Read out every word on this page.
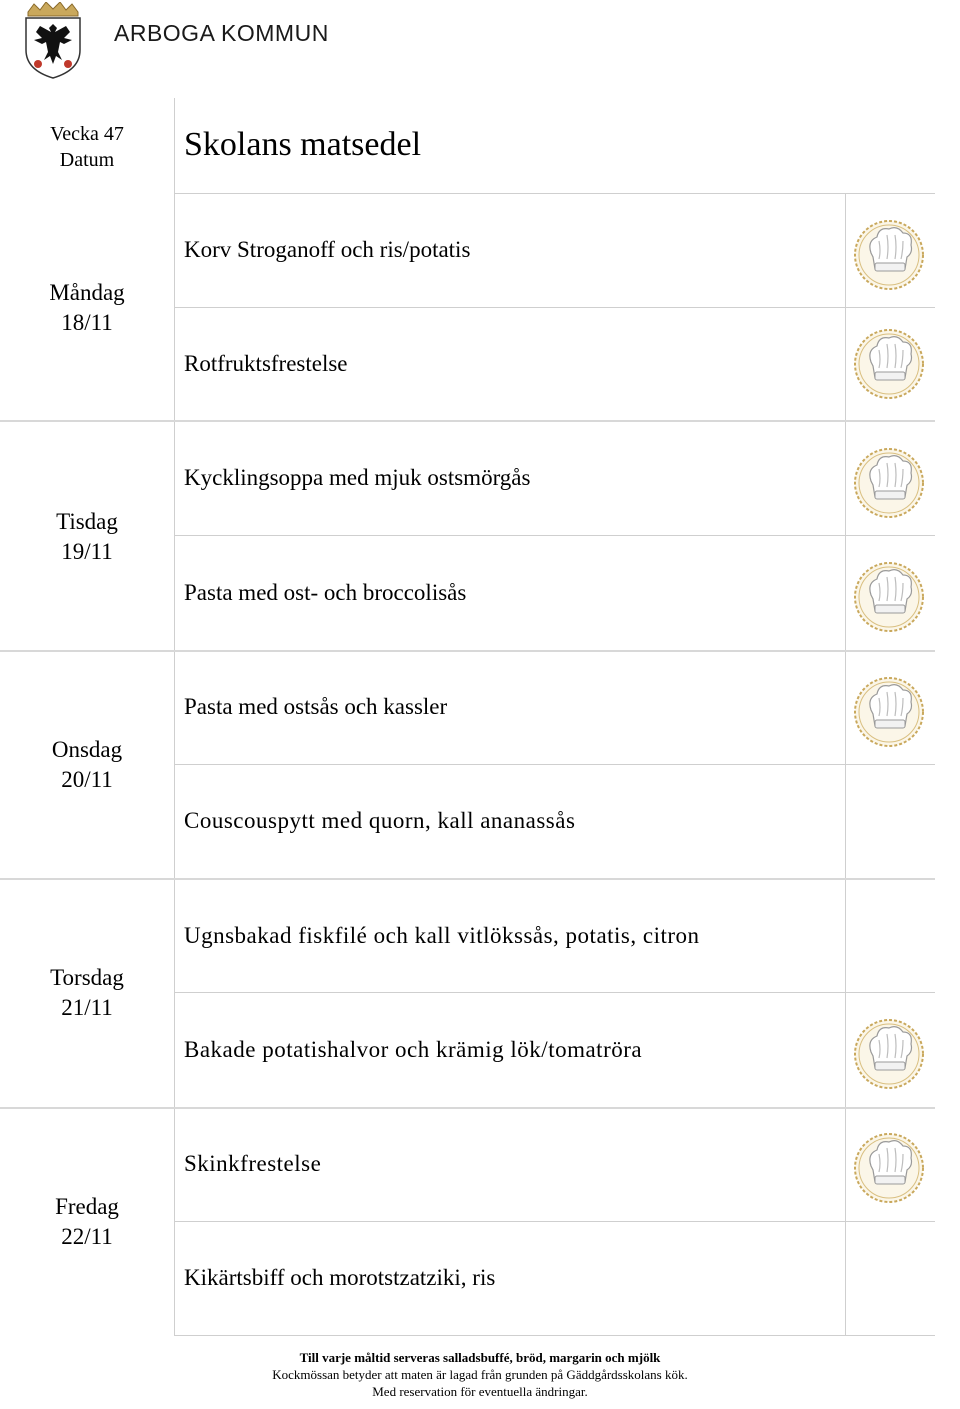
ARBOGA KOMMUN
Vecka 47
Datum	Skolans matsedel
Måndag
18/11
Korv Stroganoff och ris/potatis
Rotfruktsfrestelse
Tisdag
19/11
Kycklingsoppa med mjuk ostsmörgås
Pasta med ost- och broccolisås
Onsdag
20/11
Pasta med ostsås och kassler
Couscouspytt med quorn, kall ananassås
Torsdag
21/11
Ugnsbakad fiskfilé och kall vitlökssås, potatis, citron
Bakade potatishalvor och krämig lök/tomatröra
Fredag
22/11
Skinkfrestelse
Kikärtsbiff och morotstzatziki, ris
Till varje måltid serveras salladsbuffé, bröd, margarin och mjölk
Kockmössan betyder att maten är lagad från grunden på Gäddgårdsskolans kök.
Med reservation för eventuella ändringar.
